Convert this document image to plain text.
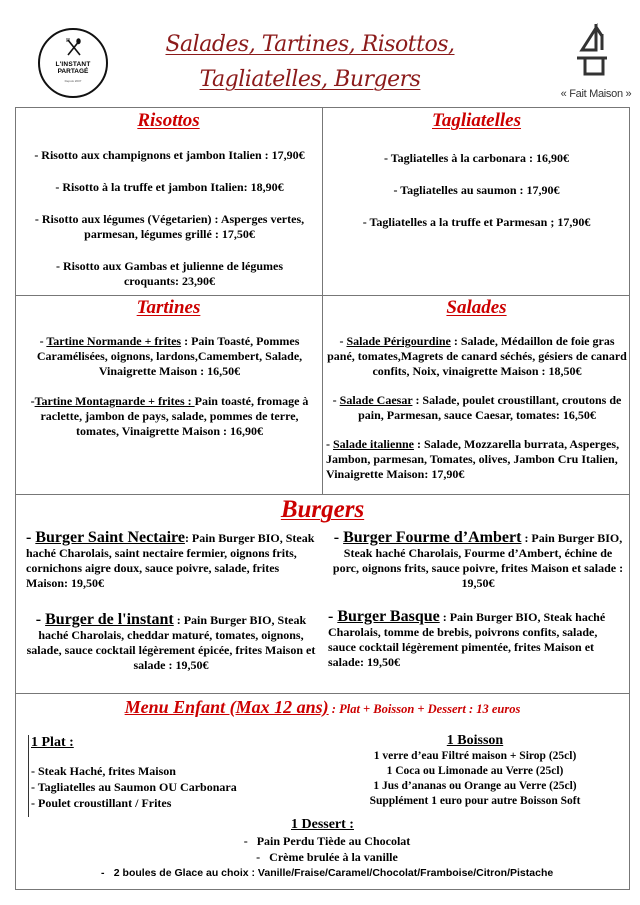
L'INSTANT
PARTAGÉ
Depuis 2007
Salades, Tartines, Risottos,
Tagliatelles, Burgers
« Fait Maison »
Risottos

- Risotto aux champignons et jambon Italien : 17,90€

- Risotto à la truffe et jambon Italien: 18,90€

- Risotto aux légumes (Végetarien) : Asperges vertes, parmesan, légumes grillé : 17,50€

- Risotto aux Gambas et julienne de légumes croquants: 23,90€

Tagliatelles

- Tagliatelles à la carbonara : 16,90€

- Tagliatelles au saumon : 17,90€

- Tagliatelles a la truffe et Parmesan ; 17,90€

Tartines

- Tartine Normande + frites : Pain Toasté, Pommes Caramélisées, oignons, lardons,Camembert, Salade, Vinaigrette Maison : 16,50€

-Tartine Montagnarde + frites : Pain toasté, fromage à raclette, jambon de pays, salade, pommes de terre, tomates, Vinaigrette Maison : 16,90€

Salades

- Salade Périgourdine : Salade, Médaillon de foie gras pané, tomates,Magrets de canard séchés, gésiers de canard confits, Noix, vinaigrette Maison : 18,50€

- Salade Caesar : Salade, poulet croustillant, croutons de pain, Parmesan, sauce Caesar, tomates: 16,50€

- Salade italienne : Salade, Mozzarella burrata, Asperges, Jambon, parmesan, Tomates, olives, Jambon Cru Italien, Vinaigrette Maison: 17,90€

Burgers
- Burger Saint Nectaire: Pain Burger BIO, Steak haché Charolais, saint nectaire fermier, oignons frits, cornichons aigre doux, sauce poivre, salade, frites Maison: 19,50€
- Burger Fourme d’Ambert : Pain Burger BIO, Steak haché Charolais, Fourme d’Ambert, échine de porc, oignons frits, sauce poivre, frites Maison et salade : 19,50€
- Burger de l'instant : Pain Burger BIO, Steak haché Charolais, cheddar maturé, tomates, oignons, salade, sauce cocktail légèrement épicée, frites Maison et salade : 19,50€
- Burger Basque : Pain Burger BIO, Steak haché Charolais, tomme de brebis, poivrons confits, salade, sauce cocktail légèrement pimentée, frites Maison et salade: 19,50€
Menu Enfant (Max 12 ans) : Plat + Boisson + Dessert : 13 euros
1 Plat :
- Steak Haché, frites Maison
- Tagliatelles au Saumon OU Carbonara
- Poulet croustillant / Frites
1 Boisson
1 verre d’eau Filtré maison + Sirop (25cl)
1 Coca ou Limonade au Verre (25cl)
1 Jus d’ananas ou Orange au Verre (25cl)
Supplément 1 euro pour autre Boisson Soft
1 Dessert :
- Pain Perdu Tiède au Chocolat
- Crème brulée à la vanille
- 2 boules de Glace au choix : Vanille/Fraise/Caramel/Chocolat/Framboise/Citron/Pistache
